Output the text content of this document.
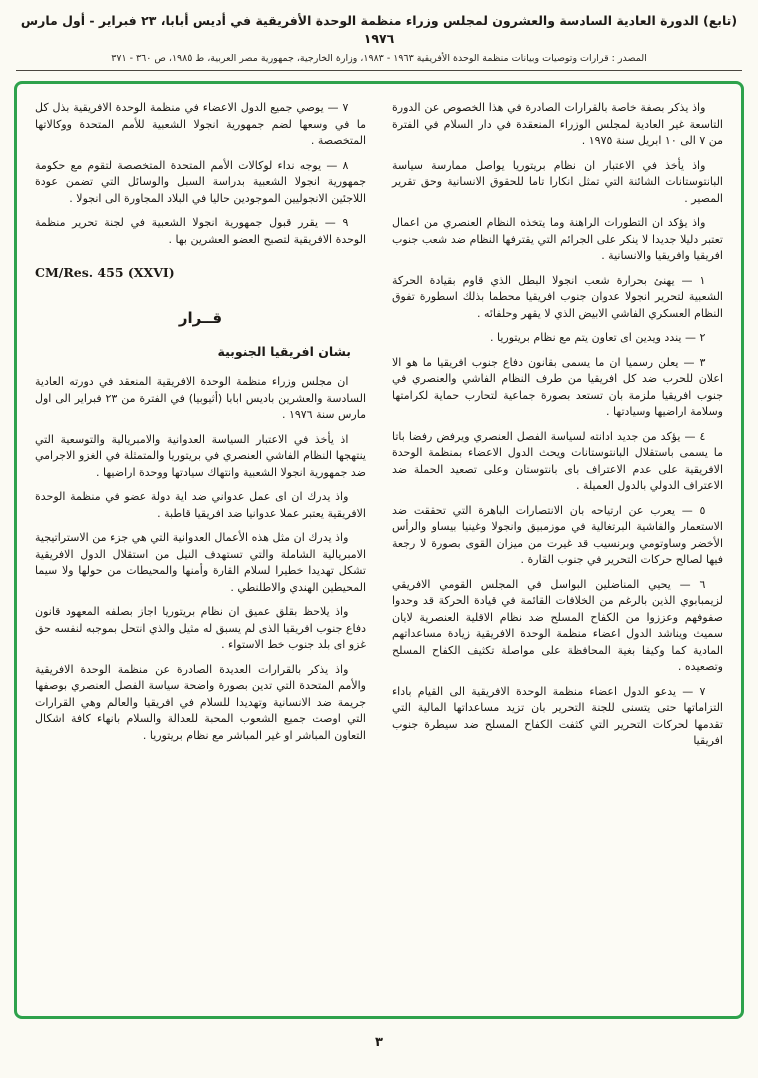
(تابع) الدورة العادية السادسة والعشرون لمجلس وزراء منظمة الوحدة الأفريقية في أديس أبابا، ٢٣ فبراير - أول مارس ١٩٧٦
المصدر : قرارات وتوصيات وبيانات منظمة الوحدة الأفريقية ١٩٦٣ - ١٩٨٣، وزارة الخارجية، جمهورية مصر العربية، ط ١٩٨٥، ص ٣٦٠ - ٣٧١

واذ يذكر بصفة خاصة بالقرارات الصادرة في هذا الخصوص عن الدورة التاسعة غير العادية لمجلس الوزراء المنعقدة في دار السلام في الفترة من ٧ الى ١٠ ابريل سنة ١٩٧٥ .

واذ يأخذ في الاعتبار ان نظام بريتوريا يواصل ممارسة سياسة البانتوستانات الشائنة التي تمثل انكارا تاما للحقوق الانسانية وحق تقرير المصير .

واذ يؤكد ان التطورات الراهنة وما يتخذه النظام العنصري من اعمال تعتبر دليلا جديدا لا ينكر على الجرائم التي يقترفها النظام ضد شعب جنوب افريقيا وافريقيا والانسانية .

١ — يهنئ بحرارة شعب انجولا البطل الذي قاوم بقيادة الحركة الشعبية لتحرير انجولا عدوان جنوب افريقيا محطما بذلك اسطورة تفوق النظام العسكري الفاشي الابيض الذي لا يقهر وحلفائه .

٢ — يندد ويدين اى تعاون يتم مع نظام بريتوريا .

٣ — يعلن رسميا ان ما يسمى بقانون دفاع جنوب افريقيا ما هو الا اعلان للحرب ضد كل افريقيا من طرف النظام الفاشي والعنصري في جنوب افريقيا ملزمة بان تستعد بصورة جماعية لتحارب حماية لكرامتها وسلامة اراضيها وسيادتها .

٤ — يؤكد من جديد ادانته لسياسة الفصل العنصري ويرفض رفضا باتا ما يسمى باستقلال البانتوستانات ويحث الدول الاعضاء بمنظمة الوحدة الافريقية على عدم الاعتراف باى بانتوستان وعلى تصعيد الحملة ضد الاعتراف الدولي بالدول العميلة .

٥ — يعرب عن ارتياحه بان الانتصارات الباهرة التي تحققت ضد الاستعمار والفاشية البرتغالية في موزمبيق وانجولا وغينيا بيساو والرأس الأخضر وساوتومي وبرنسيب قد غيرت من ميزان القوى بصورة لا رجعة فيها لصالح حركات التحرير في جنوب القارة .

٦ — يحيي المناضلين البواسل في المجلس القومي الافريقي لزيمبابوي الذين بالرغم من الخلافات القائمة في قيادة الحركة قد وحدوا صفوفهم وعززوا من الكفاح المسلح ضد نظام الاقلية العنصرية لايان سميث ويناشد الدول اعضاء منظمة الوحدة الافريقية زيادة مساعداتهم المادية كما وكيفا بغية المحافظة على مواصلة تكثيف الكفاح المسلح وتصعيده .

٧ — يدعو الدول اعضاء منظمة الوحدة الافريقية الى القيام باداء التزاماتها حتى يتسنى للجنة التحرير بان تزيد مساعداتها المالية التي تقدمها لحركات التحرير التي كثفت الكفاح المسلح ضد سيطرة جنوب افريقيا

٧ — يوصي جميع الدول الاعضاء في منظمة الوحدة الافريقية بذل كل ما في وسعها لضم جمهورية انجولا الشعبية للأمم المتحدة ووكالاتها المتخصصة .

٨ — يوجه نداء لوكالات الأمم المتحدة المتخصصة لتقوم مع حكومة جمهورية انجولا الشعبية بدراسة السبل والوسائل التي تضمن عودة اللاجئين الانجوليين الموجودين حاليا في البلاد المجاورة الى انجولا .

٩ — يقرر قبول جمهورية انجولا الشعبية في لجنة تحرير منظمة الوحدة الافريقية لتصبح العضو العشرين بها .

CM/Res. 455 (XXVI)
قــرار
بشان افريقيا الجنوبية

ان مجلس وزراء منظمة الوحدة الافريقية المنعقد في دورته العادية السادسة والعشرين باديس ابابا (أثيوبيا) في الفترة من ٢٣ فبراير الى اول مارس سنة ١٩٧٦ .

اذ يأخذ في الاعتبار السياسة العدوانية والامبريالية والتوسعية التي ينتهجها النظام الفاشي العنصري في بريتوريا والمتمثلة في الغزو الاجرامي ضد جمهورية انجولا الشعبية وانتهاك سيادتها ووحدة اراضيها .

واذ يدرك ان اى عمل عدواني ضد اية دولة عضو في منظمة الوحدة الافريقية يعتبر عملا عدوانيا ضد افريقيا قاطبة .

واذ يدرك ان مثل هذه الأعمال العدوانية التي هي جزء من الاستراتيجية الامبريالية الشاملة والتي تستهدف النيل من استقلال الدول الافريقية تشكل تهديدا خطيرا لسلام القارة وأمنها والمحيطات من حولها ولا سيما المحيطين الهندي والاطلنطي .

واذ يلاحظ بقلق عميق ان نظام بريتوريا اجاز بصلفه المعهود قانون دفاع جنوب افريقيا الذى لم يسبق له مثيل والذي انتحل بموجبه لنفسه حق غزو اى بلد جنوب خط الاستواء .

واذ يذكر بالقرارات العديدة الصادرة عن منظمة الوحدة الافريقية والأمم المتحدة التي تدين بصورة واضحة سياسة الفصل العنصري بوصفها جريمة ضد الانسانية وتهديدا للسلام في افريقيا والعالم وهي القرارات التي اوصت جميع الشعوب المحبة للعدالة والسلام بانهاء كافة اشكال التعاون المباشر او غير المباشر مع نظام بريتوريا .

٣
